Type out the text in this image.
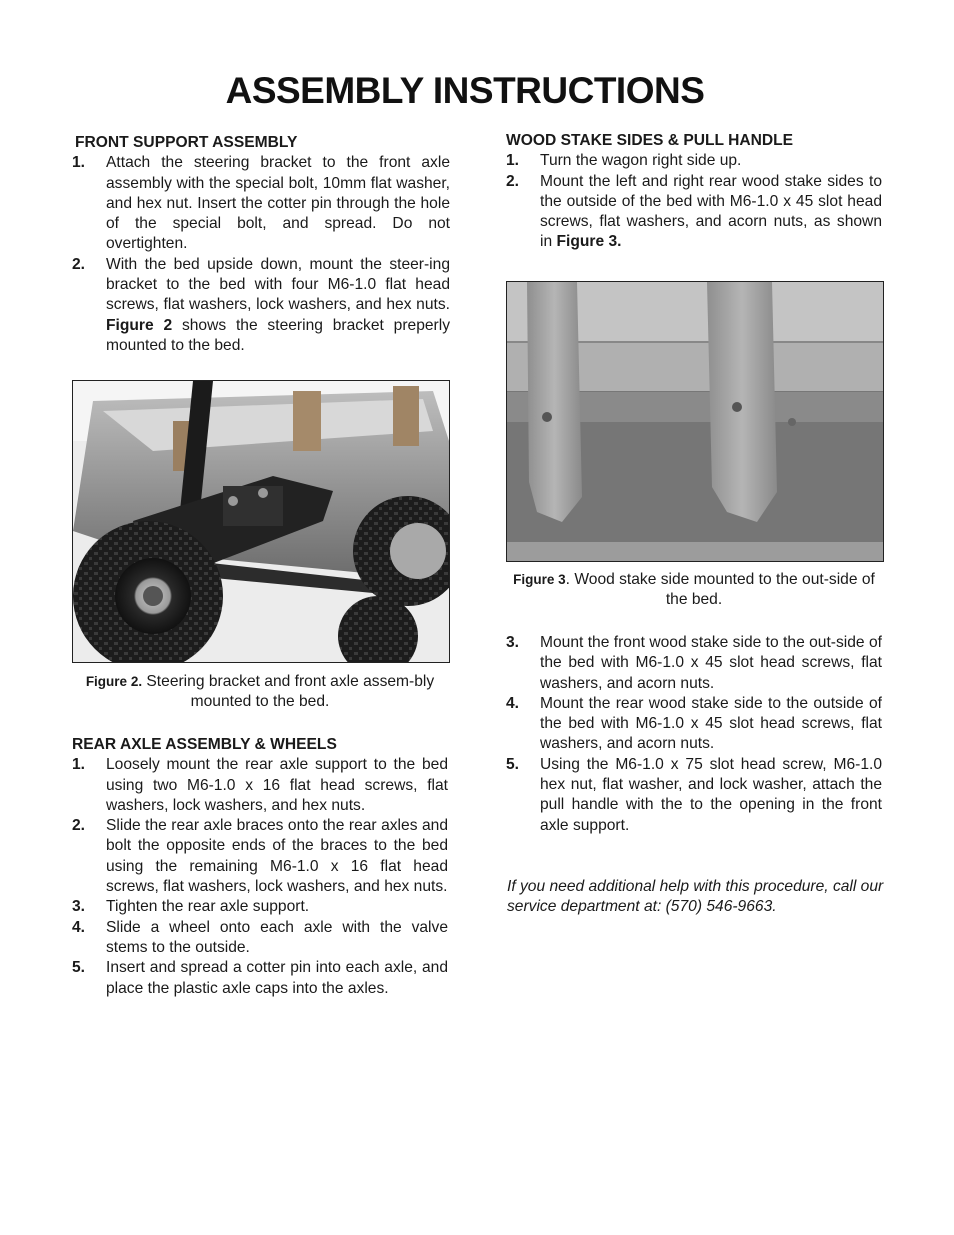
ASSEMBLY INSTRUCTIONS

FRONT SUPPORT ASSEMBLY

1.	Attach the steering bracket to the front axle assembly with the special bolt, 10mm flat washer, and hex nut. Insert the cotter pin through the hole of the special bolt, and spread. Do not overtighten.
2.	With the bed upside down, mount the steer-ing bracket to the bed with four M6-1.0 flat head screws, flat washers, lock washers, and hex nuts. Figure 2 shows the steering bracket preperly mounted to the bed.
Figure 2. Steering bracket and front axle assem-bly mounted to the bed.

REAR AXLE ASSEMBLY & WHEELS

1.	Loosely mount the rear axle support to the bed using two M6-1.0 x 16 flat head screws, flat washers, lock washers, and hex nuts.
2.	Slide the rear axle braces onto the rear axles and bolt the opposite ends of the braces to the bed using the remaining M6-1.0 x 16 flat head screws, flat washers, lock washers, and hex nuts.
3.	Tighten the rear axle support.
4.	Slide a wheel onto each axle with the valve stems to the outside.
5.	Insert and spread a cotter pin into each axle, and place the plastic axle caps into the axles.

WOOD STAKE SIDES & PULL HANDLE

1.	Turn the wagon right side up.
2.	Mount the left and right rear wood stake sides to the outside of the bed with M6-1.0 x 45 slot head screws, flat washers, and acorn nuts, as shown in Figure 3.
Figure 3. Wood stake side mounted to the out-side of the bed.
3.	Mount the front wood stake side to the out-side of the bed with M6-1.0 x 45 slot head screws, flat washers, and acorn nuts.
4.	Mount the rear wood stake side to the outside of the bed with M6-1.0 x 45 slot head screws, flat washers, and acorn nuts.
5.	Using the M6-1.0 x 75 slot head screw, M6-1.0 hex nut, flat washer, and lock washer, attach the pull handle with the to the opening in the front axle support.
If you need additional help with this procedure, call our service department at: (570) 546-9663.
